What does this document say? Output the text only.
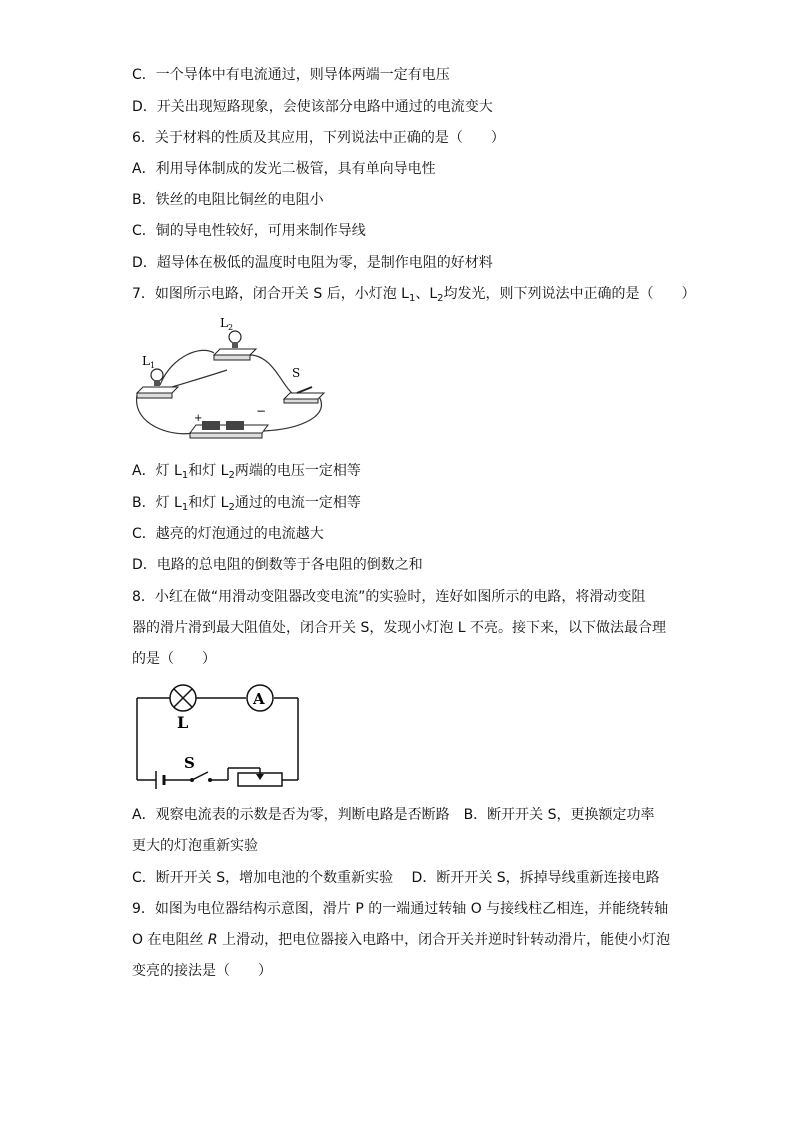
C．一个导体中有电流通过，则导体两端一定有电压
D．开关出现短路现象，会使该部分电路中通过的电流变大
6．关于材料的性质及其应用，下列说法中正确的是（　　）
A．利用导体制成的发光二极管，具有单向导电性
B．铁丝的电阻比铜丝的电阻小
C．铜的导电性较好，可用来制作导线
D．超导体在极低的温度时电阻为零，是制作电阻的好材料
7．如图所示电路，闭合开关 S 后，小灯泡 $L_1$、$L_2$均发光，则下列说法中正确的是（　　）
$L_1$
$L_2$
S
+
−
A．灯 $L_1$和灯 $L_2$两端的电压一定相等
B．灯 $L_1$和灯 $L_2$通过的电流一定相等
C．越亮的灯泡通过的电流越大
D．电路的总电阻的倒数等于各电阻的倒数之和
8．小红在做“用滑动变阻器改变电流”的实验时，连好如图所示的电路，将滑动变阻
器的滑片滑到最大阻值处，闭合开关 S，发现小灯泡 L 不亮。接下来，以下做法最合理
的是（　　）
L
A
S
A．观察电流表的示数是否为零，判断电路是否断路　B．断开开关 S，更换额定功率
更大的灯泡重新实验
C．断开开关 S，增加电池的个数重新实验　 D．断开开关 S，拆掉导线重新连接电路
9．如图为电位器结构示意图，滑片 P 的一端通过转轴 O 与接线柱乙相连，并能绕转轴
O 在电阻丝 R 上滑动，把电位器接入电路中，闭合开关并逆时针转动滑片，能使小灯泡
变亮的接法是（　　）
